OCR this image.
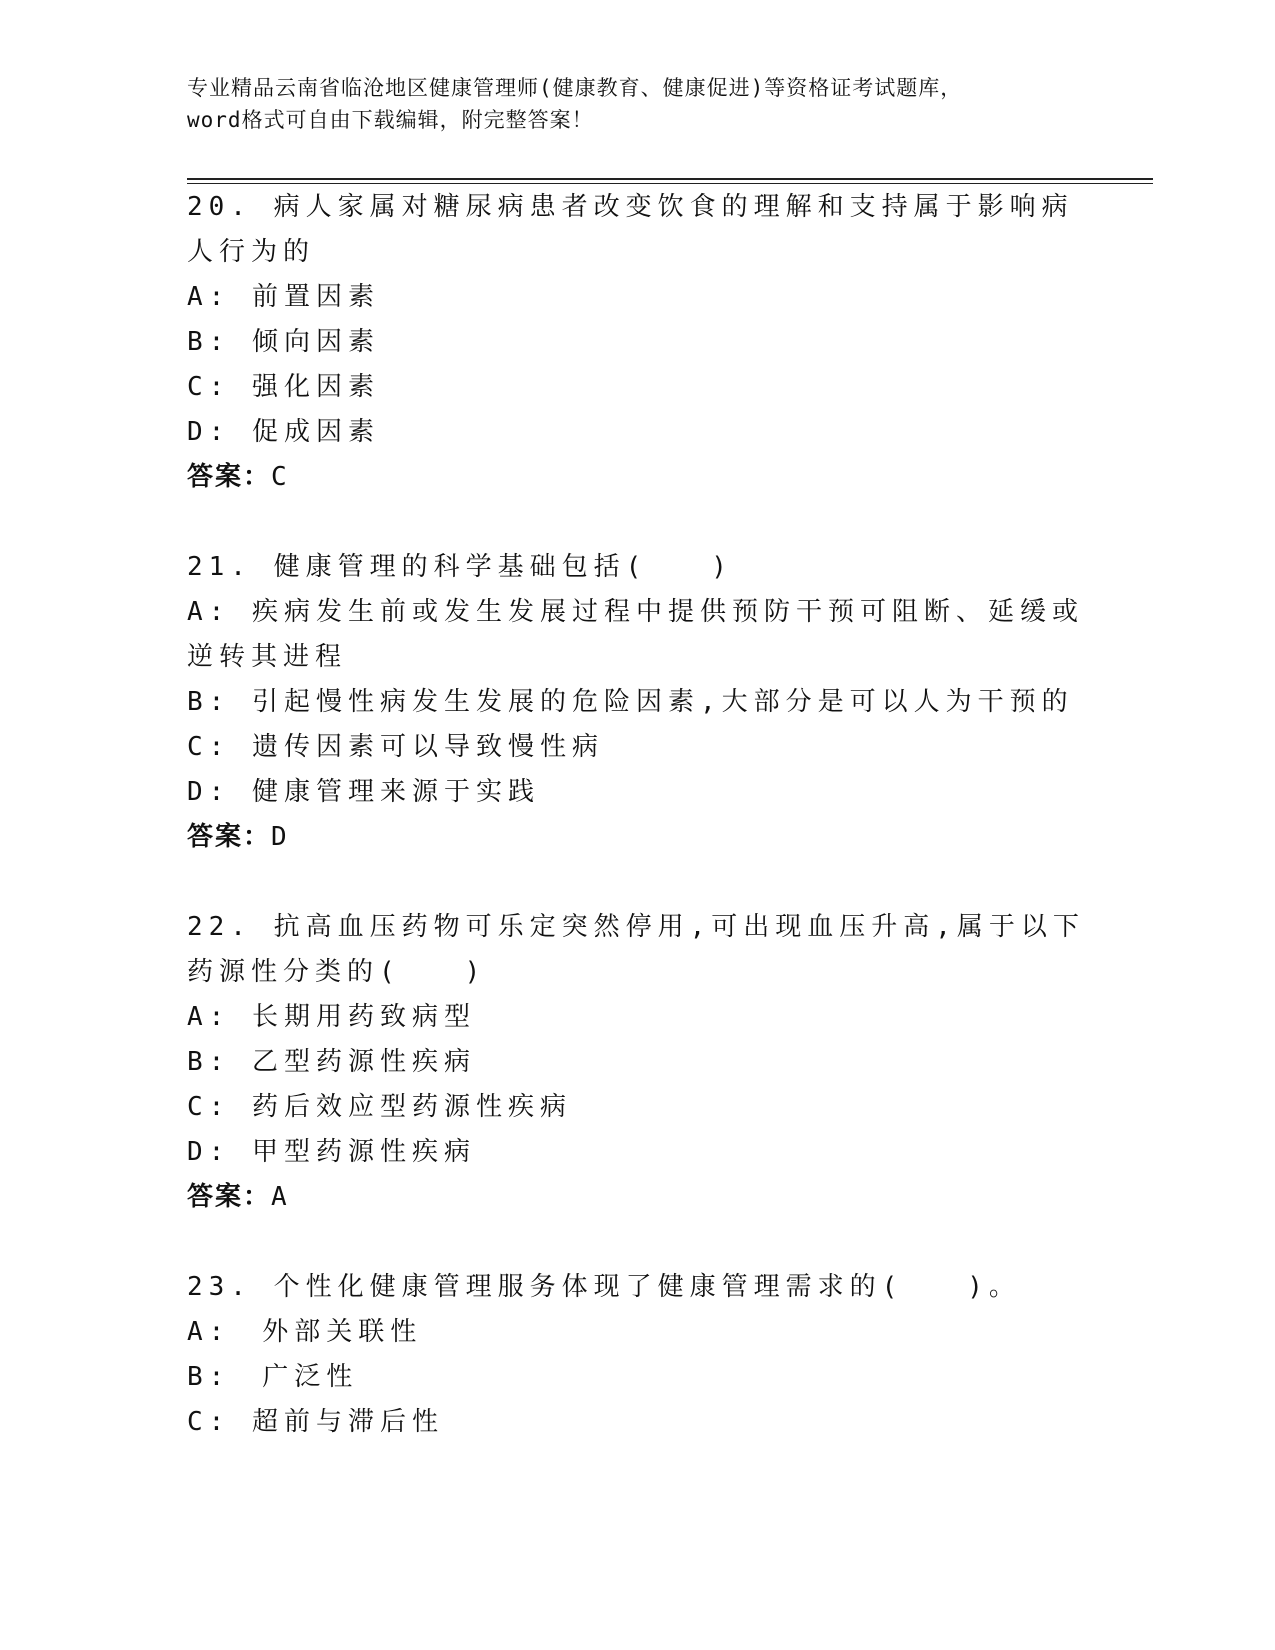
专业精品云南省临沧地区健康管理师(健康教育、健康促进)等资格证考试题库，
word格式可自由下载编辑，附完整答案！
20. 病人家属对糖尿病患者改变饮食的理解和支持属于影响病人行为的
A: 前置因素
B: 倾向因素
C: 强化因素
D: 促成因素
答案：C
21. 健康管理的科学基础包括(　　)
A: 疾病发生前或发生发展过程中提供预防干预可阻断、延缓或逆转其进程
B: 引起慢性病发生发展的危险因素,大部分是可以人为干预的
C: 遗传因素可以导致慢性病
D: 健康管理来源于实践
答案：D
22. 抗高血压药物可乐定突然停用,可出现血压升高,属于以下药源性分类的(　　)
A: 长期用药致病型
B: 乙型药源性疾病
C: 药后效应型药源性疾病
D: 甲型药源性疾病
答案：A
23. 个性化健康管理服务体现了健康管理需求的(　　)。
A:　外部关联性
B:　广泛性
C: 超前与滞后性
